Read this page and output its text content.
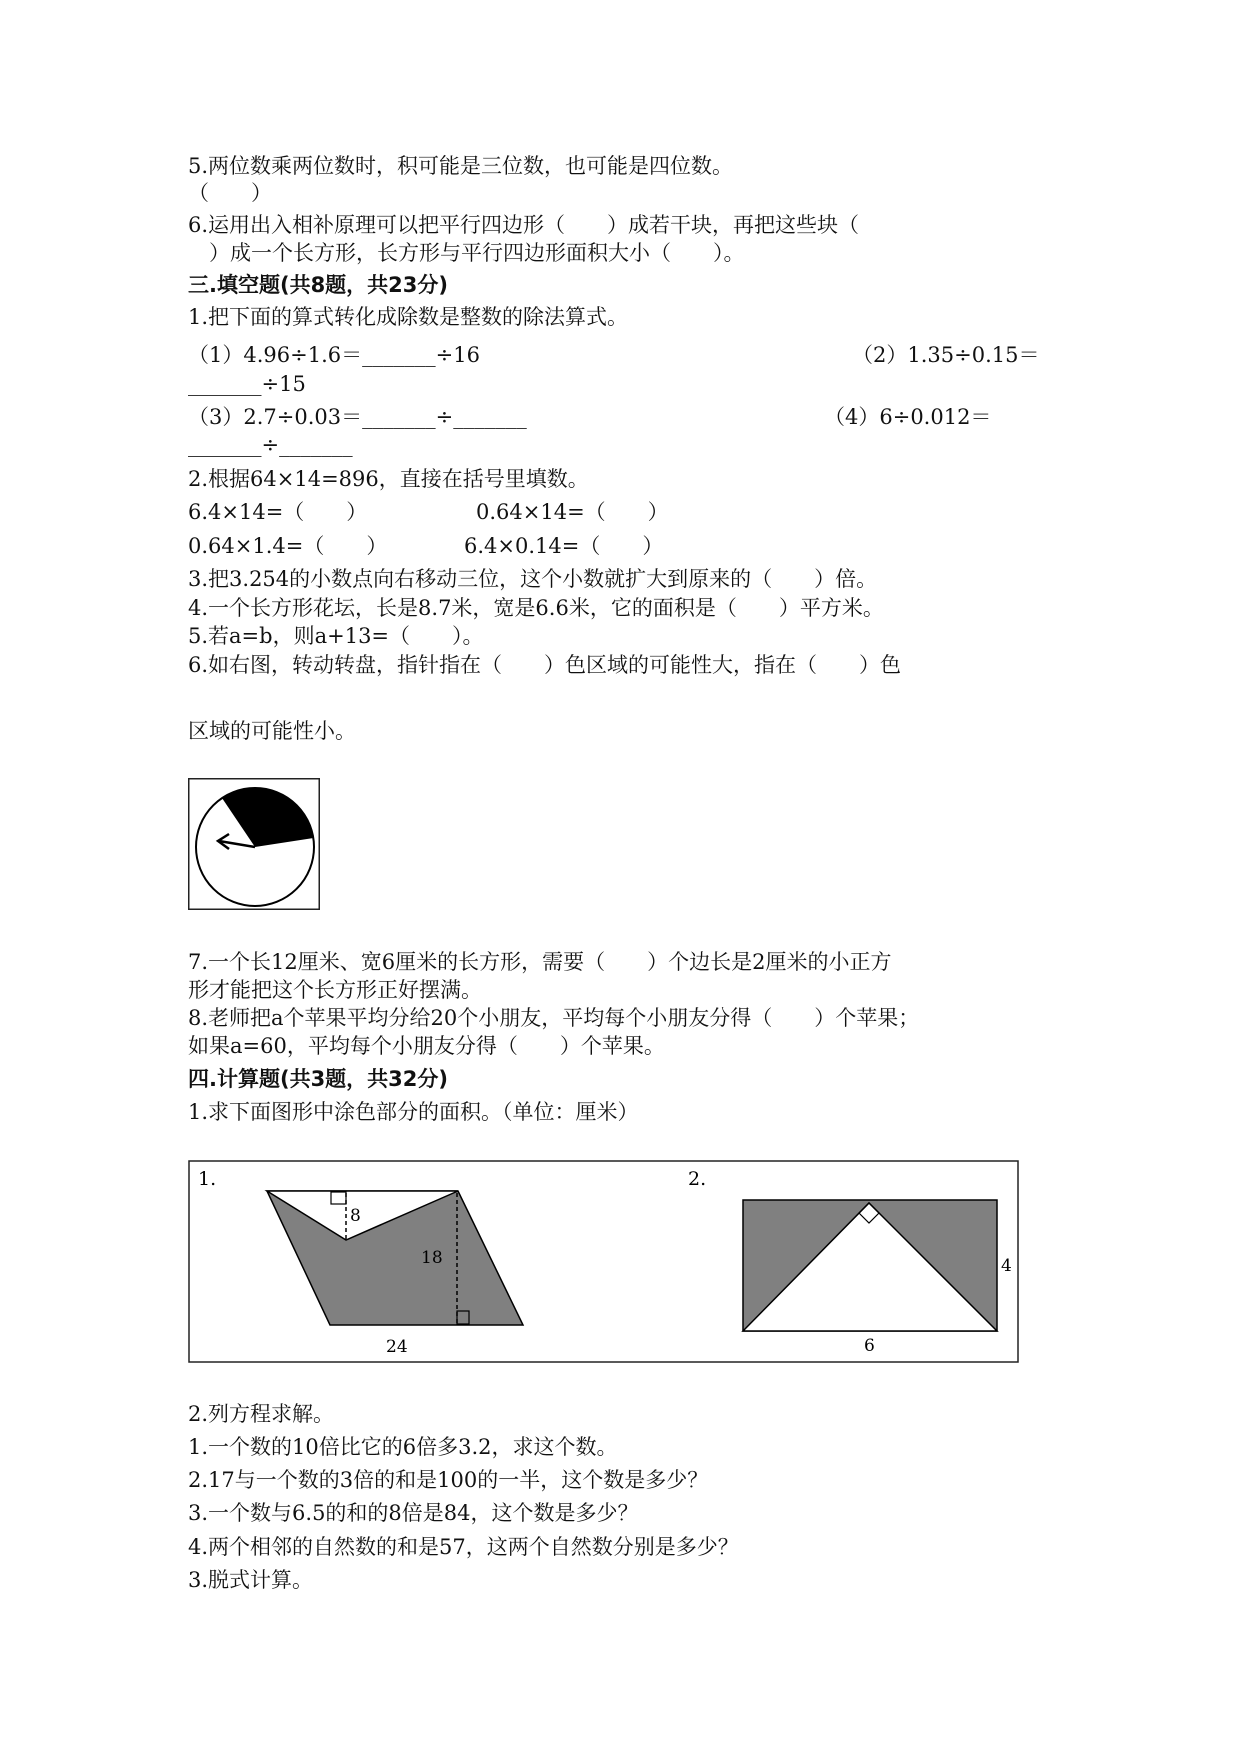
5.两位数乘两位数时，积可能是三位数，也可能是四位数。
（　　）
6.运用出入相补原理可以把平行四边形（　　）成若干块，再把这些块（
　）成一个长方形，长方形与平行四边形面积大小（　　）。
三.填空题(共8题，共23分)
1.把下面的算式转化成除数是整数的除法算式。
（1）4.96÷1.6＝_______÷16	（2）1.35÷0.15＝
_______÷15
（3）2.7÷0.03＝_______÷_______	（4）6÷0.012＝
_______÷_______
2.根据64×14=896，直接在括号里填数。
6.4×14=（　　）	0.64×14=（　　）
0.64×1.4=（　　）	6.4×0.14=（　　）
3.把3.254的小数点向右移动三位，这个小数就扩大到原来的（　　）倍。
4.一个长方形花坛，长是8.7米，宽是6.6米，它的面积是（　　）平方米。
5.若a=b，则a+13=（　　）。
6.如右图，转动转盘，指针指在（　　）色区域的可能性大，指在（　　）色
区域的可能性小。
7.一个长12厘米、宽6厘米的长方形，需要（　　）个边长是2厘米的小正方
形才能把这个长方形正好摆满。
8.老师把a个苹果平均分给20个小朋友，平均每个小朋友分得（　　）个苹果；
如果a=60，平均每个小朋友分得（　　）个苹果。
四.计算题(共3题，共32分)
1.求下面图形中涂色部分的面积。（单位：厘米）
1.
8
18
24
2.
4
6
2.列方程求解。
1.一个数的10倍比它的6倍多3.2，求这个数。
2.17与一个数的3倍的和是100的一半，这个数是多少？
3.一个数与6.5的和的8倍是84，这个数是多少？
4.两个相邻的自然数的和是57，这两个自然数分别是多少？
3.脱式计算。
